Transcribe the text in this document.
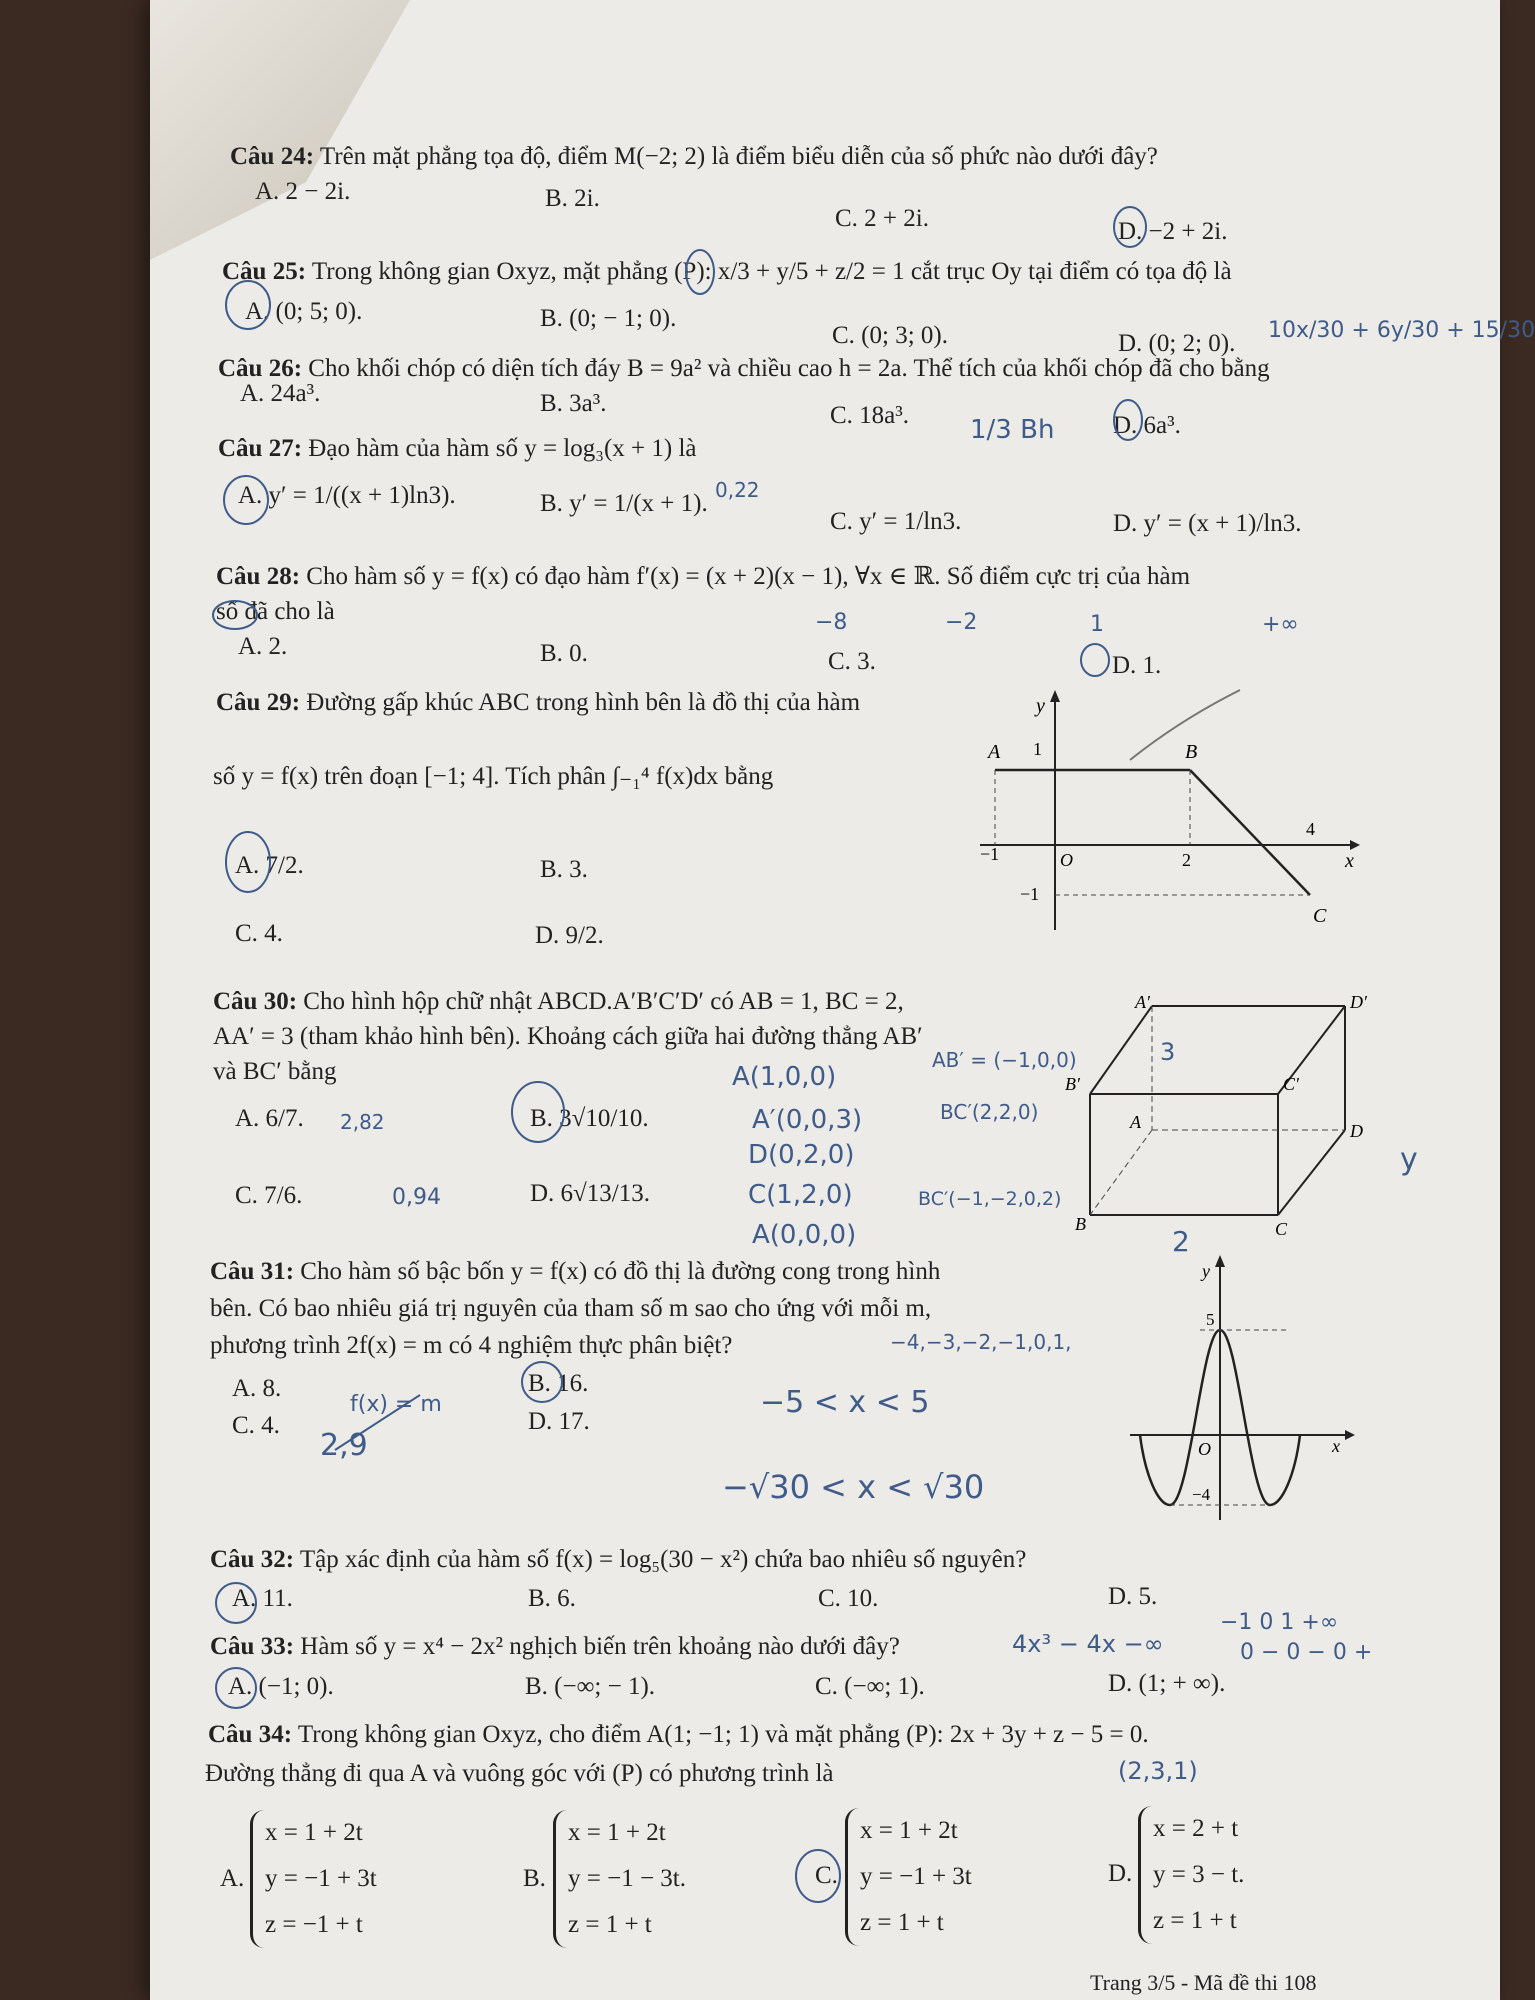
Câu 24: Trên mặt phẳng tọa độ, điểm M(−2; 2) là điểm biểu diễn của số phức nào dưới đây?
A. 2 − 2i.	B. 2i.
C. 2 + 2i.	D. −2 + 2i.
Câu 25: Trong không gian Oxyz, mặt phẳng (P): x/3 + y/5 + z/2 = 1 cắt trục Oy tại điểm có tọa độ là
A. (0; 5; 0).	B. (0; − 1; 0).
C. (0; 3; 0).	D. (0; 2; 0).
Câu 26: Cho khối chóp có diện tích đáy B = 9a² và chiều cao h = 2a. Thể tích của khối chóp đã cho bằng
A. 24a³.	B. 3a³.	C. 18a³.	D. 6a³.
Câu 27: Đạo hàm của hàm số y = log₃(x + 1) là
A. y′ = 1/((x + 1)ln3).	B. y′ = 1/(x + 1).
C. y′ = 1/ln3.	D. y′ = (x + 1)/ln3.
Câu 28: Cho hàm số y = f(x) có đạo hàm f′(x) = (x + 2)(x − 1), ∀x ∈ ℝ. Số điểm cực trị của hàm
số đã cho là
A. 2.	B. 0.	C. 3.	D. 1.
Câu 29: Đường gấp khúc ABC trong hình bên là đồ thị của hàm
số y = f(x) trên đoạn [−1; 4]. Tích phân ∫₋₁⁴ f(x)dx bằng
A. 7/2.	B. 3.
C. 4.	D. 9/2.
A	B
C
y
x
1
−1	O	2
4
−1
Câu 30: Cho hình hộp chữ nhật ABCD.A′B′C′D′ có AB = 1, BC = 2,
AA′ = 3 (tham khảo hình bên). Khoảng cách giữa hai đường thẳng AB′
và BC′ bằng
A. 6/7.	B. 3√10/10.
C. 7/6.	D. 6√13/13.
A′	D′
B′	C′
A	D
B	C
Câu 31: Cho hàm số bậc bốn y = f(x) có đồ thị là đường cong trong hình
bên. Có bao nhiêu giá trị nguyên của tham số m sao cho ứng với mỗi m,
phương trình 2f(x) = m có 4 nghiệm thực phân biệt?
A. 8.	B. 16.
C. 4.	D. 17.
y
x
O
5
−4
Câu 32: Tập xác định của hàm số f(x) = log₅(30 − x²) chứa bao nhiêu số nguyên?
A. 11.	B. 6.	C. 10.	D. 5.
Câu 33: Hàm số y = x⁴ − 2x² nghịch biến trên khoảng nào dưới đây?
A. (−1; 0).	B. (−∞; − 1).	C. (−∞; 1).	D. (1; + ∞).
Câu 34: Trong không gian Oxyz, cho điểm A(1; −1; 1) và mặt phẳng (P): 2x + 3y + z − 5 = 0.
Đường thẳng đi qua A và vuông góc với (P) có phương trình là
A.
x = 1 + 2t
y = −1 + 3t
z = −1 + t
B.
x = 1 + 2t
y = −1 − 3t.
z = 1 + t
C.
x = 1 + 2t
y = −1 + 3t
z = 1 + t
D.
x = 2 + t
y = 3 − t.
z = 1 + t
10x/30 + 6y/30 + 15/30
1/3 Bh
0,22
−8	−2	1	+∞
AB′ = (−1,0,0)
A(1,0,0)
A′(0,0,3)	BC′(2,2,0)
D(0,2,0)
C(1,2,0)
A(0,0,0)
BC′(−1,−2,0,2)
2,82
0,94
y
3
2
−4,−3,−2,−1,0,1,
−5 < x < 5
f(x) = m
2,9
−√30 < x < √30
4x³ − 4x −∞
−1 0 1 +∞
0 − 0 − 0 +
(2,3,1)
Trang 3/5 - Mã đề thi 108
